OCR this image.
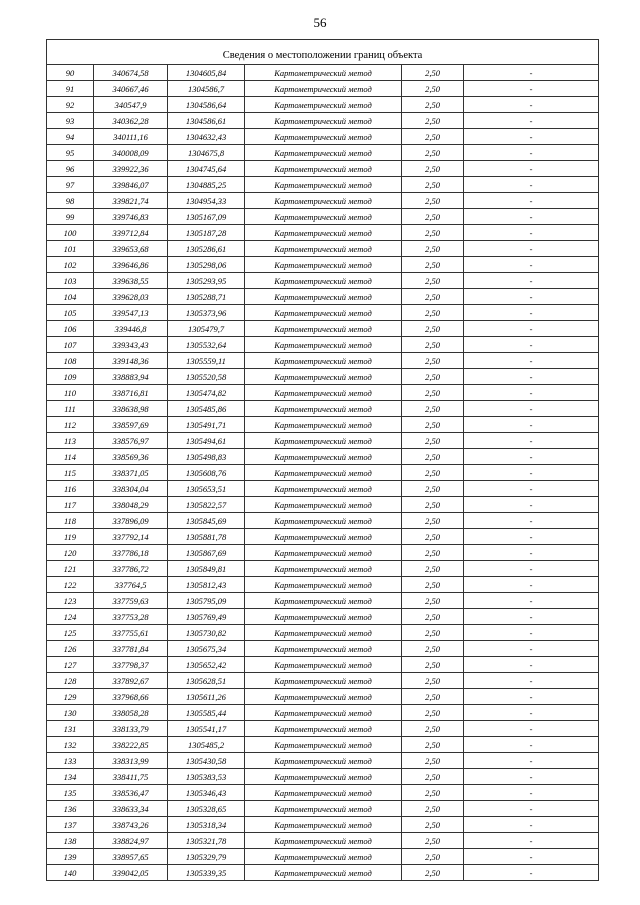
56

Сведения о местоположении границ объекта					
90	340674,58	1304605,84	Картометрический метод	2,50	-
91	340667,46	1304586,7	Картометрический метод	2,50	-
92	340547,9	1304586,64	Картометрический метод	2,50	-
93	340362,28	1304586,61	Картометрический метод	2,50	-
94	340111,16	1304632,43	Картометрический метод	2,50	-
95	340008,09	1304675,8	Картометрический метод	2,50	-
96	339922,36	1304745,64	Картометрический метод	2,50	-
97	339846,07	1304885,25	Картометрический метод	2,50	-
98	339821,74	1304954,33	Картометрический метод	2,50	-
99	339746,83	1305167,09	Картометрический метод	2,50	-
100	339712,84	1305187,28	Картометрический метод	2,50	-
101	339653,68	1305286,61	Картометрический метод	2,50	-
102	339646,86	1305298,06	Картометрический метод	2,50	-
103	339638,55	1305293,95	Картометрический метод	2,50	-
104	339628,03	1305288,71	Картометрический метод	2,50	-
105	339547,13	1305373,96	Картометрический метод	2,50	-
106	339446,8	1305479,7	Картометрический метод	2,50	-
107	339343,43	1305532,64	Картометрический метод	2,50	-
108	339148,36	1305559,11	Картометрический метод	2,50	-
109	338883,94	1305520,58	Картометрический метод	2,50	-
110	338716,81	1305474,82	Картометрический метод	2,50	-
111	338638,98	1305485,86	Картометрический метод	2,50	-
112	338597,69	1305491,71	Картометрический метод	2,50	-
113	338576,97	1305494,61	Картометрический метод	2,50	-
114	338569,36	1305498,83	Картометрический метод	2,50	-
115	338371,05	1305608,76	Картометрический метод	2,50	-
116	338304,04	1305653,51	Картометрический метод	2,50	-
117	338048,29	1305822,57	Картометрический метод	2,50	-
118	337896,09	1305845,69	Картометрический метод	2,50	-
119	337792,14	1305881,78	Картометрический метод	2,50	-
120	337786,18	1305867,69	Картометрический метод	2,50	-
121	337786,72	1305849,81	Картометрический метод	2,50	-
122	337764,5	1305812,43	Картометрический метод	2,50	-
123	337759,63	1305795,09	Картометрический метод	2,50	-
124	337753,28	1305769,49	Картометрический метод	2,50	-
125	337755,61	1305730,82	Картометрический метод	2,50	-
126	337781,84	1305675,34	Картометрический метод	2,50	-
127	337798,37	1305652,42	Картометрический метод	2,50	-
128	337892,67	1305628,51	Картометрический метод	2,50	-
129	337968,66	1305611,26	Картометрический метод	2,50	-
130	338058,28	1305585,44	Картометрический метод	2,50	-
131	338133,79	1305541,17	Картометрический метод	2,50	-
132	338222,85	1305485,2	Картометрический метод	2,50	-
133	338313,99	1305430,58	Картометрический метод	2,50	-
134	338411,75	1305383,53	Картометрический метод	2,50	-
135	338536,47	1305346,43	Картометрический метод	2,50	-
136	338633,34	1305328,65	Картометрический метод	2,50	-
137	338743,26	1305318,34	Картометрический метод	2,50	-
138	338824,97	1305321,78	Картометрический метод	2,50	-
139	338957,65	1305329,79	Картометрический метод	2,50	-
140	339042,05	1305339,35	Картометрический метод	2,50	-
